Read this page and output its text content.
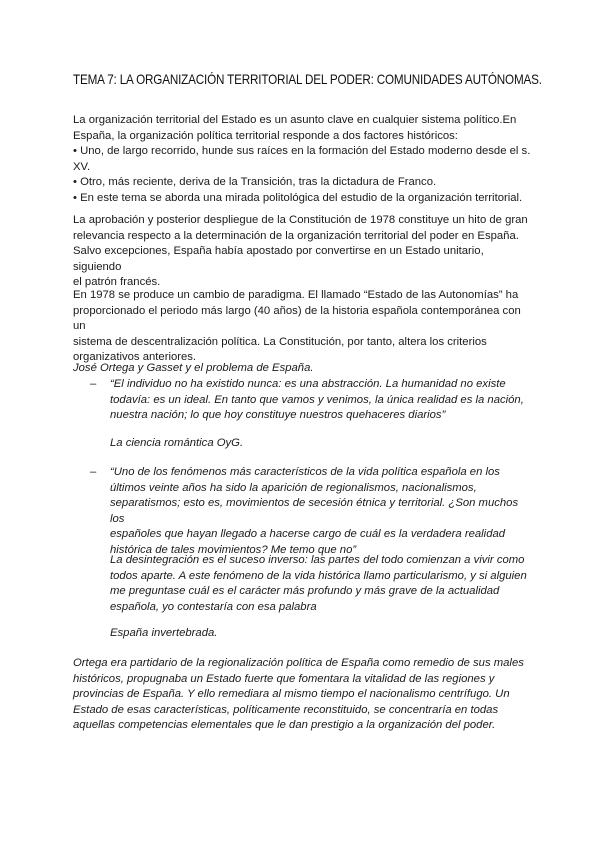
TEMA 7: LA ORGANIZACIÓN TERRITORIAL DEL PODER: COMUNIDADES AUTÓNOMAS.

La organización territorial del Estado es un asunto clave en cualquier sistema político.En

España, la organización política territorial responde a dos factores históricos:

• Uno, de largo recorrido, hunde sus raíces en la formación del Estado moderno desde el s.

XV.

• Otro, más reciente, deriva de la Transición, tras la dictadura de Franco.

• En este tema se aborda una mirada politológica del estudio de la organización territorial.

La aprobación y posterior despliegue de la Constitución de 1978 constituye un hito de gran

relevancia respecto a la determinación de la organización territorial del poder en España.

Salvo excepciones, España había apostado por convertirse en un Estado unitario, siguiendo

el patrón francés.

En 1978 se produce un cambio de paradigma. El llamado “Estado de las Autonomías” ha

proporcionado el periodo más largo (40 años) de la historia española contemporánea con un

sistema de descentralización política. La Constitución, por tanto, altera los criterios

organizativos anteriores.

José Ortega y Gasset y el problema de España.
–	“El individuo no ha existido nunca: es una abstracción. La humanidad no existe

todavía: es un ideal. En tanto que vamos y venimos, la única realidad es la nación,

nuestra nación; lo que hoy constituye nuestros quehaceres diarios”

La ciencia romántica OyG.
–	“Uno de los fenómenos más característicos de la vida política española en los

últimos veinte años ha sido la aparición de regionalismos, nacionalismos,

separatismos; esto es, movimientos de secesión étnica y territorial. ¿Son muchos los

españoles que hayan llegado a hacerse cargo de cuál es la verdadera realidad

histórica de tales movimientos? Me temo que no”

La desintegración es el suceso inverso: las partes del todo comienzan a vivir como

todos aparte. A este fenómeno de la vida histórica llamo particularismo, y si alguien

me preguntase cuál es el carácter más profundo y más grave de la actualidad

española, yo contestaría con esa palabra

España invertebrada.

Ortega era partidario de la regionalización política de España como remedio de sus males

históricos, propugnaba un Estado fuerte que fomentara la vitalidad de las regiones y

provincias de España. Y ello remediara al mismo tiempo el nacionalismo centrífugo. Un

Estado de esas características, políticamente reconstituido, se concentraría en todas

aquellas competencias elementales que le dan prestigio a la organización del poder.
